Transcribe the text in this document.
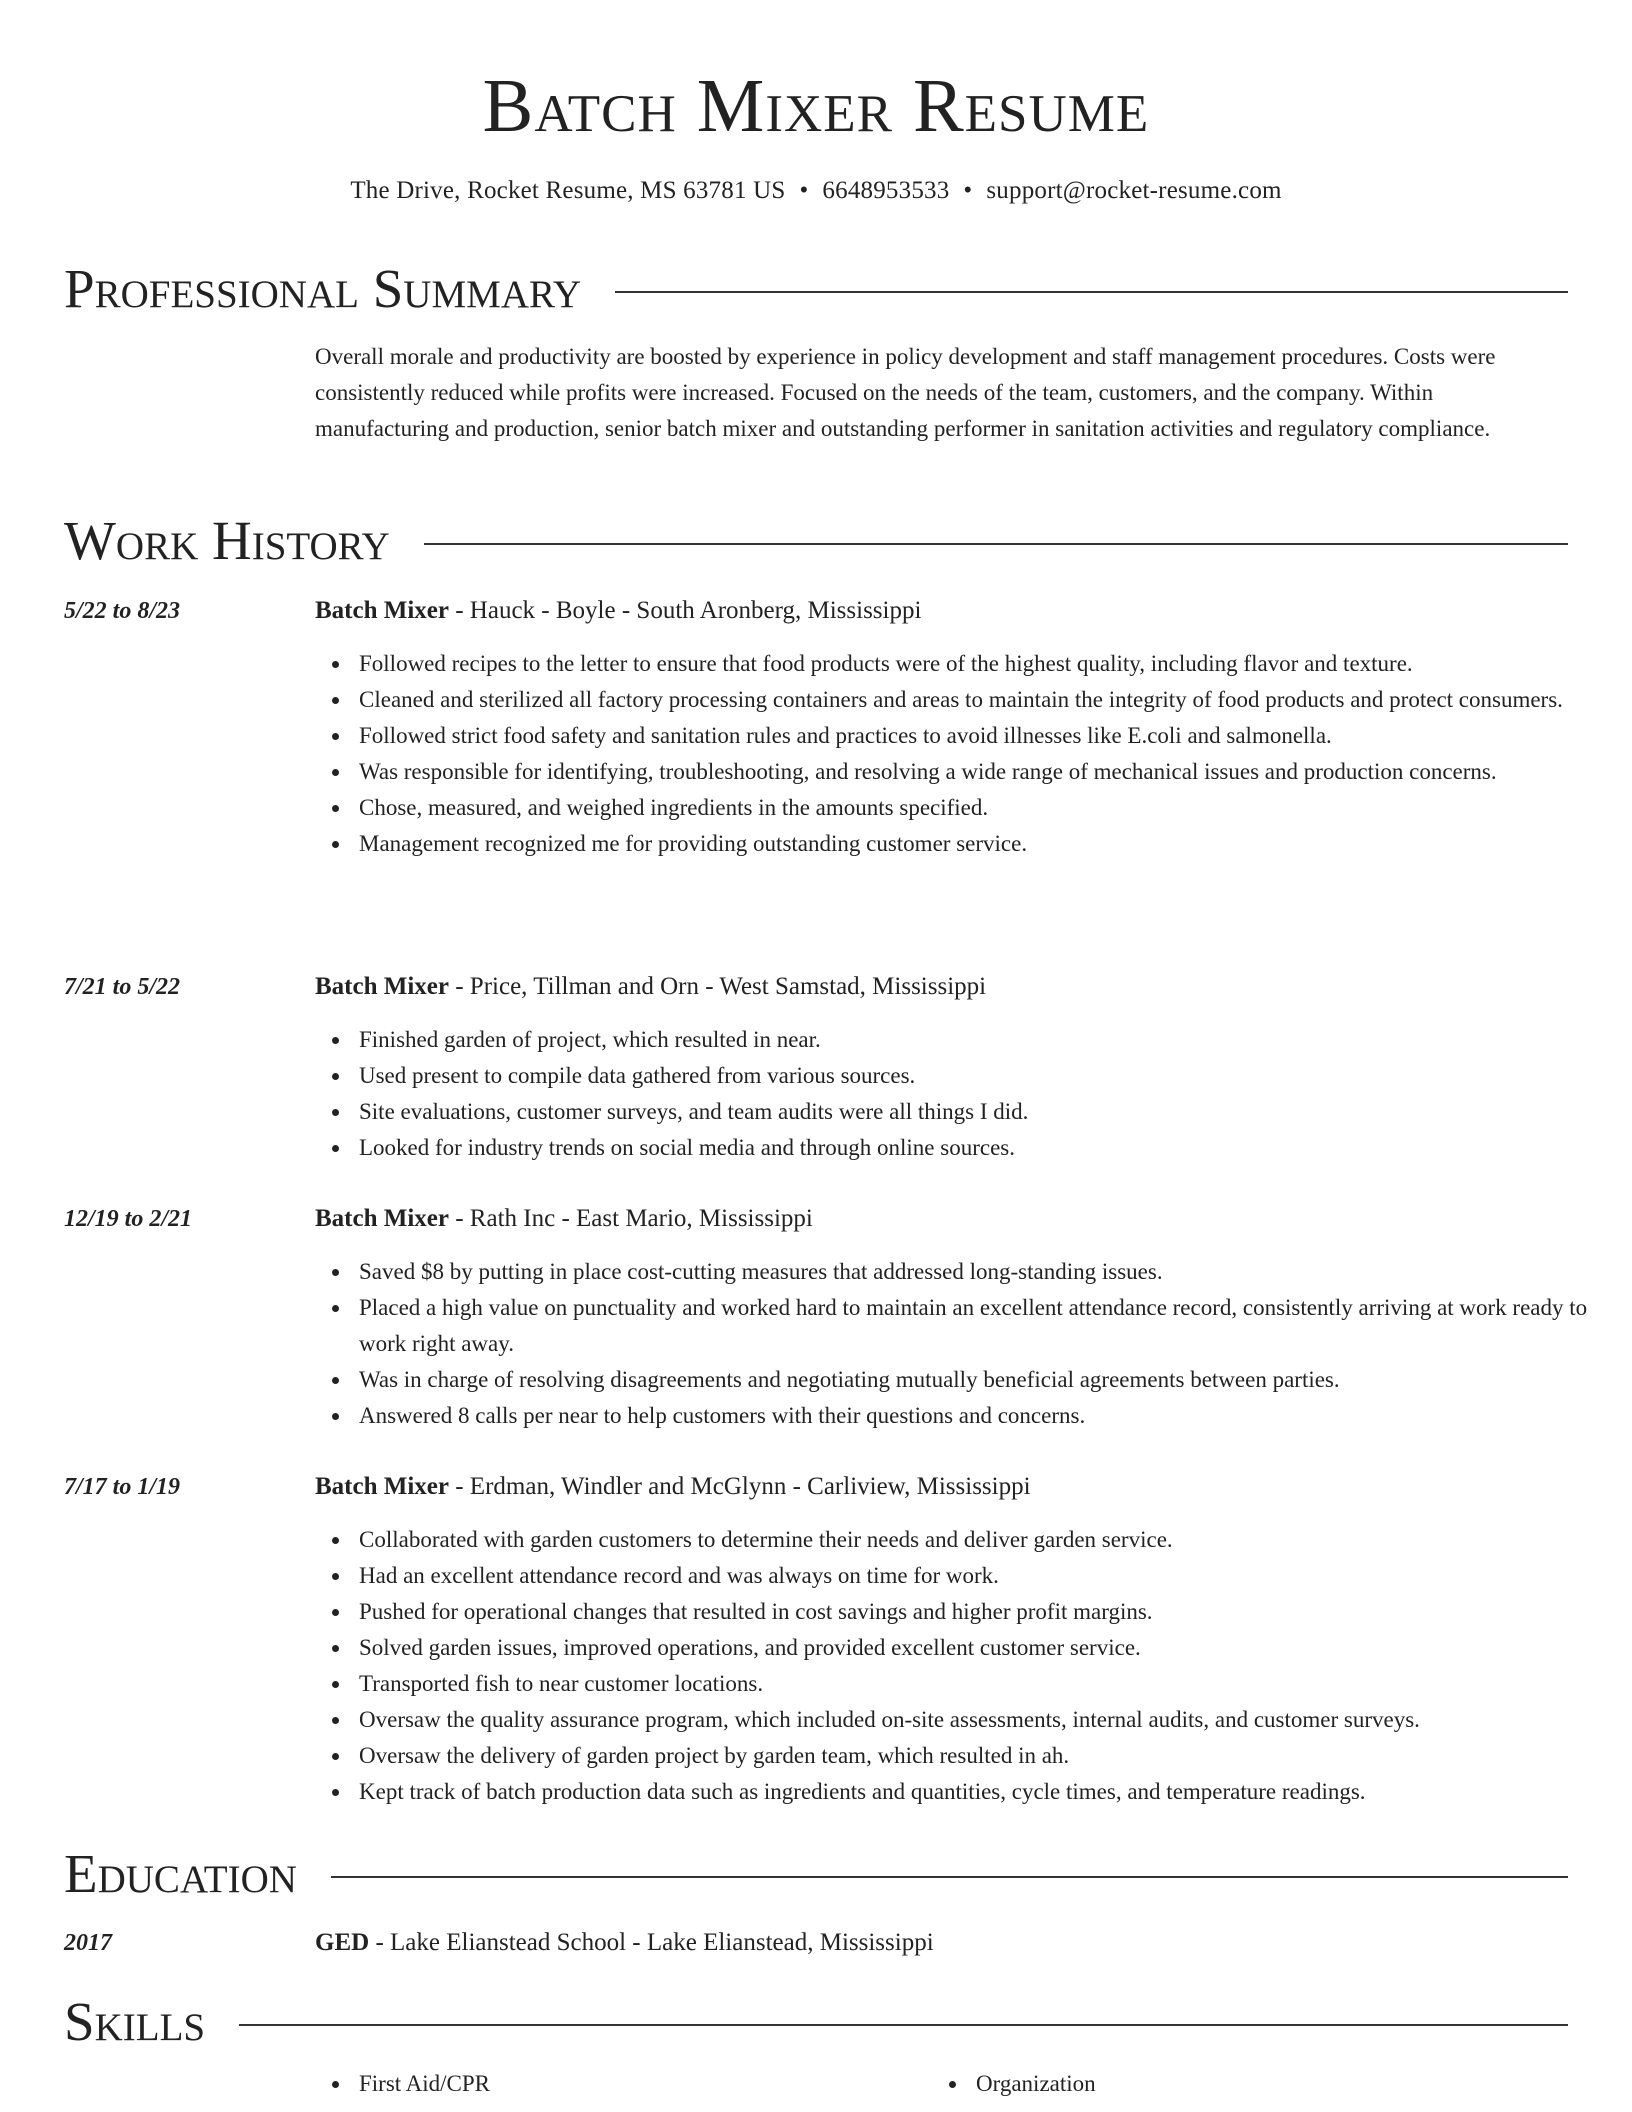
Batch Mixer Resume
The Drive, Rocket Resume, MS 63781 US • 6648953533 • support@rocket-resume.com
Professional Summary
Overall morale and productivity are boosted by experience in policy development and staff management procedures. Costs were consistently reduced while profits were increased. Focused on the needs of the team, customers, and the company. Within manufacturing and production, senior batch mixer and outstanding performer in sanitation activities and regulatory compliance.
Work History
5/22 to 8/23	Batch Mixer - Hauck - Boyle - South Aronberg, Mississippi
Followed recipes to the letter to ensure that food products were of the highest quality, including flavor and texture.
Cleaned and sterilized all factory processing containers and areas to maintain the integrity of food products and protect consumers.
Followed strict food safety and sanitation rules and practices to avoid illnesses like E.coli and salmonella.
Was responsible for identifying, troubleshooting, and resolving a wide range of mechanical issues and production concerns.
Chose, measured, and weighed ingredients in the amounts specified.
Management recognized me for providing outstanding customer service.
7/21 to 5/22	Batch Mixer - Price, Tillman and Orn - West Samstad, Mississippi
Finished garden of project, which resulted in near.
Used present to compile data gathered from various sources.
Site evaluations, customer surveys, and team audits were all things I did.
Looked for industry trends on social media and through online sources.
12/19 to 2/21	Batch Mixer - Rath Inc - East Mario, Mississippi
Saved $8 by putting in place cost-cutting measures that addressed long-standing issues.
Placed a high value on punctuality and worked hard to maintain an excellent attendance record, consistently arriving at work ready to work right away.
Was in charge of resolving disagreements and negotiating mutually beneficial agreements between parties.
Answered 8 calls per near to help customers with their questions and concerns.
7/17 to 1/19	Batch Mixer - Erdman, Windler and McGlynn - Carliview, Mississippi
Collaborated with garden customers to determine their needs and deliver garden service.
Had an excellent attendance record and was always on time for work.
Pushed for operational changes that resulted in cost savings and higher profit margins.
Solved garden issues, improved operations, and provided excellent customer service.
Transported fish to near customer locations.
Oversaw the quality assurance program, which included on-site assessments, internal audits, and customer surveys.
Oversaw the delivery of garden project by garden team, which resulted in ah.
Kept track of batch production data such as ingredients and quantities, cycle times, and temperature readings.
Education
2017	GED - Lake Elianstead School - Lake Elianstead, Mississippi
Skills
First Aid/CPR	Organization
